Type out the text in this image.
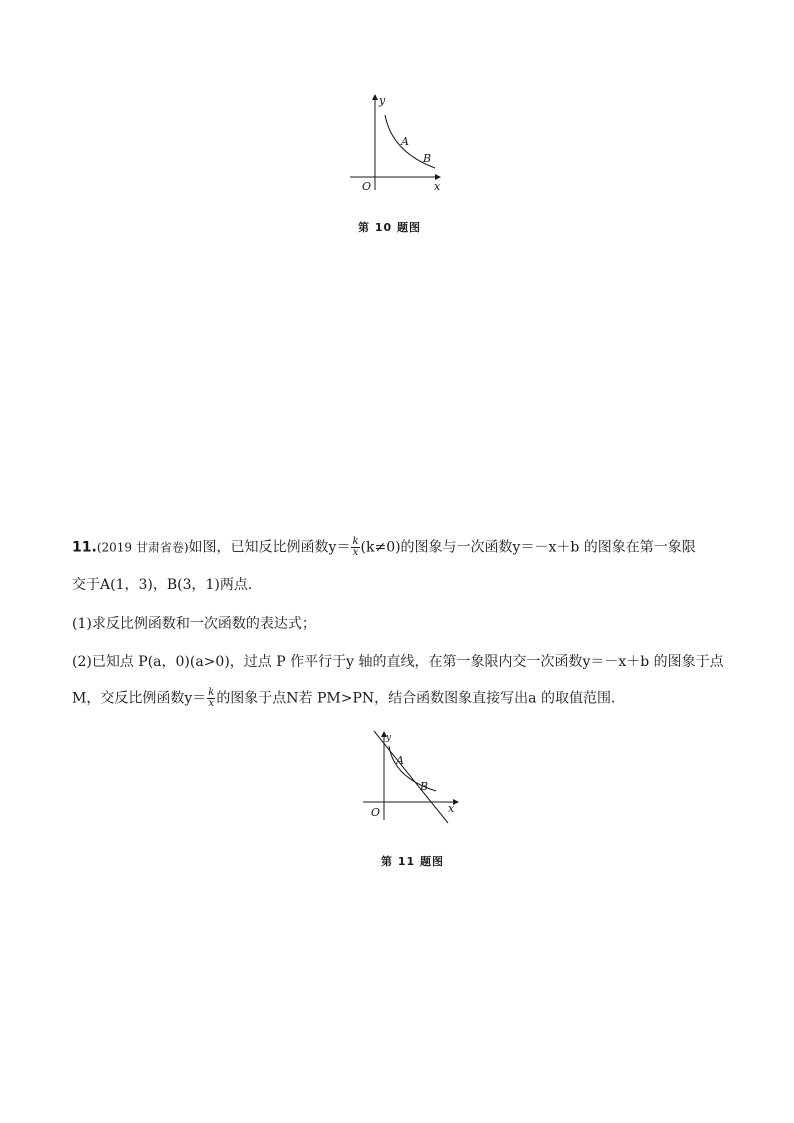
y
x
O
A
B
第 10 题图
11.(2019 甘肃省卷)如图，已知反比例函数$y= \frac{k}{x} (k\ne 0)$的图象与一次函数y＝－x＋b 的图象在第一象限
交于A(1，3)，B(3，1)两点.
(1)求反比例函数和一次函数的表达式；
(2)已知点 P(a，0)(a>0)，过点 P 作平行于y 轴的直线，在第一象限内交一次函数y＝－x＋b 的图象于点
M，交反比例函数$y= \frac{k}{x}$ 的图象于点N若 PM>PN，结合函数图象直接写出a 的取值范围.
y
x
O
A
B
第 11 题图
